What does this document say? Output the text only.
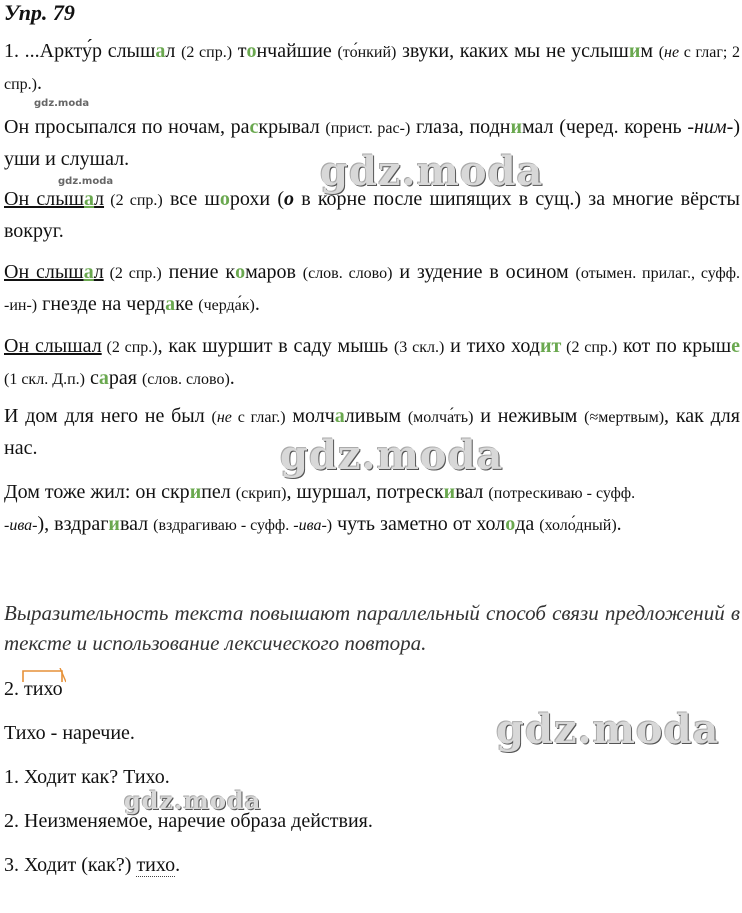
Упр. 79
1. ...Аркту́р слышал (2 спр.) тончайшие (то́нкий) звуки, каких мы не услышим (не с глаг; 2 спр.).
gdz.moda
Он просыпался по ночам, раскрывал (прист. рас-) глаза, поднимал (черед. корень -ним-) уши и слушал.	gdz.moda
gdz.moda
Он слышал (2 спр.) все шорохи (о в корне после шипящих в сущ.) за многие вёрсты вокруг.
Он слышал (2 спр.) пение комаров (слов. слово) и зудение в осином (отымен. прилаг., суфф. -ин-) гнезде на чердаке (черда́к).
Он слышал (2 спр.), как шуршит в саду мышь (3 скл.) и тихо ходит (2 спр.) кот по крыше (1 скл. Д.п.) сарая (слов. слово).
И дом для него не был (не с глаг.) молчаливым (молча́ть) и неживым (≈мертвым), как для нас.	gdz.moda
Дом тоже жил: он скрипел (скрип), шуршал, потрескивал (потрескиваю - суфф.
-ива-), вздрагивал (вздрагиваю - суфф. -ива-) чуть заметно от холода (холо́дный).
Выразительность текста повышают параллельный способ связи предложений в тексте и использование лексического повтора.
2.
тихо
Тихо - наречие.	gdz.moda
1. Ходит как? Тихо.
gdz.moda
2. Неизменяемое, наречие образа действия.
3. Ходит (как?) тихо.
